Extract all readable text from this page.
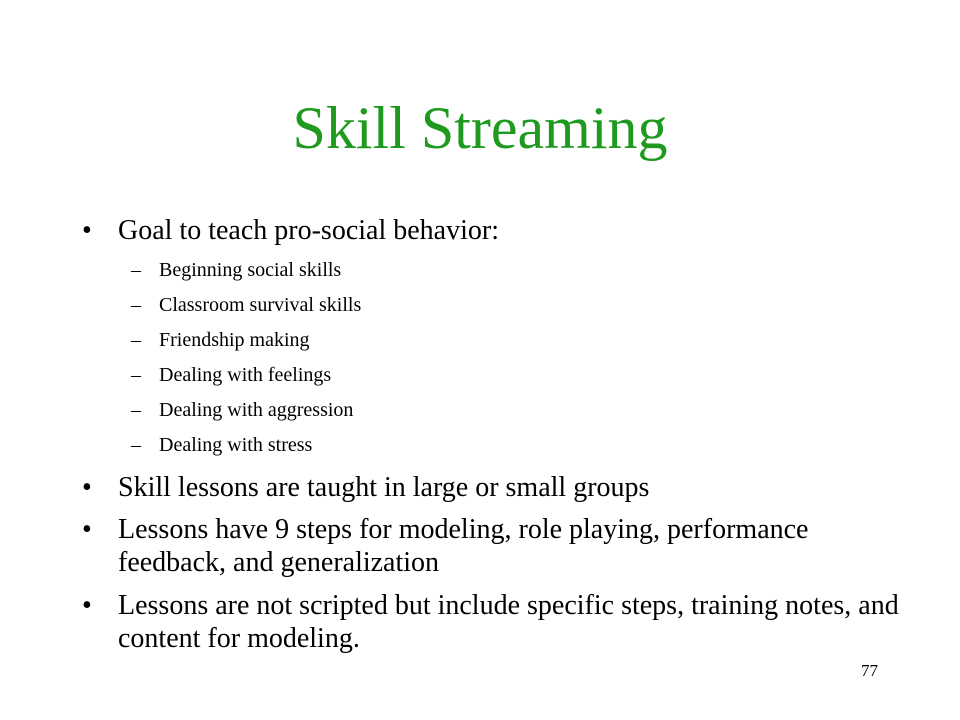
Skill Streaming
• Goal to teach pro-social behavior:
– Beginning social skills
– Classroom survival skills
– Friendship making
– Dealing with feelings
– Dealing with aggression
– Dealing with stress
• Skill lessons are taught in large or small groups
• Lessons have 9 steps for modeling, role playing, performance feedback, and generalization
• Lessons are not scripted but include specific steps, training notes, and content for modeling.
77
